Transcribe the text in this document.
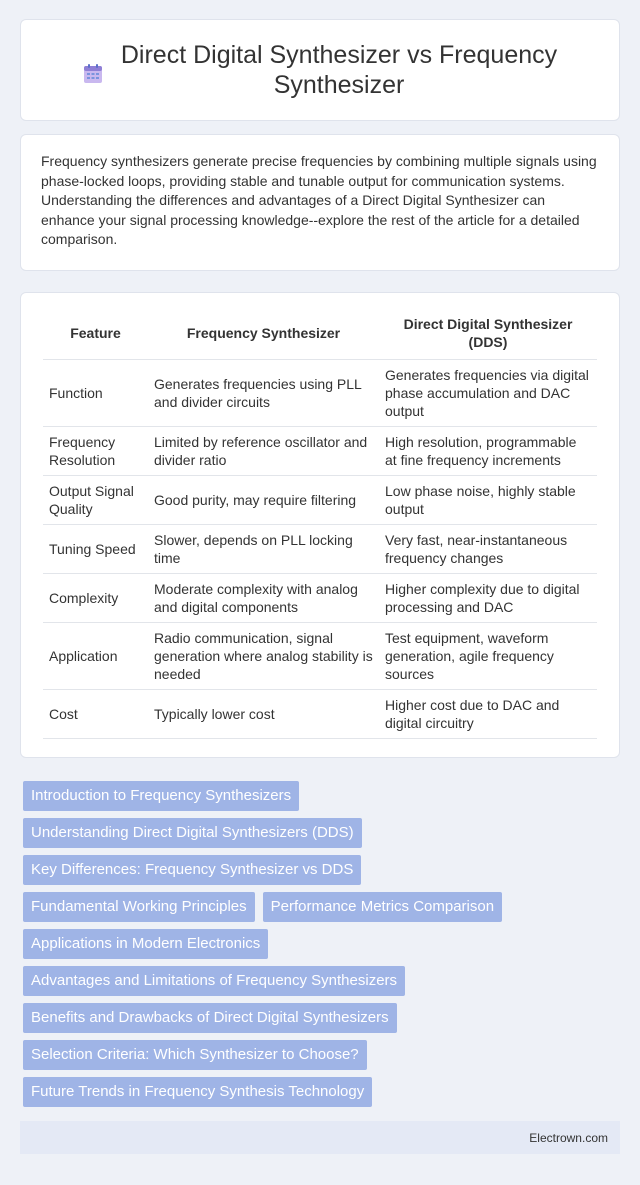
Direct Digital Synthesizer vs Frequency Synthesizer

Frequency synthesizers generate precise frequencies by combining multiple signals using phase-locked loops, providing stable and tunable output for communication systems. Understanding the differences and advantages of a Direct Digital Synthesizer can enhance your signal processing knowledge--explore the rest of the article for a detailed comparison.

Feature	Frequency Synthesizer	Direct Digital Synthesizer (DDS)
Function	Generates frequencies using PLL and divider circuits	Generates frequencies via digital phase accumulation and DAC output
Frequency Resolution	Limited by reference oscillator and divider ratio	High resolution, programmable at fine frequency increments
Output Signal Quality	Good purity, may require filtering	Low phase noise, highly stable output
Tuning Speed	Slower, depends on PLL locking time	Very fast, near-instantaneous frequency changes
Complexity	Moderate complexity with analog and digital components	Higher complexity due to digital processing and DAC
Application	Radio communication, signal generation where analog stability is needed	Test equipment, waveform generation, agile frequency sources
Cost	Typically lower cost	Higher cost due to DAC and digital circuitry
Introduction to Frequency Synthesizers
Understanding Direct Digital Synthesizers (DDS)
Key Differences: Frequency Synthesizer vs DDS
Fundamental Working Principles	Performance Metrics Comparison
Applications in Modern Electronics
Advantages and Limitations of Frequency Synthesizers
Benefits and Drawbacks of Direct Digital Synthesizers
Selection Criteria: Which Synthesizer to Choose?
Future Trends in Frequency Synthesis Technology
Electrown.com
